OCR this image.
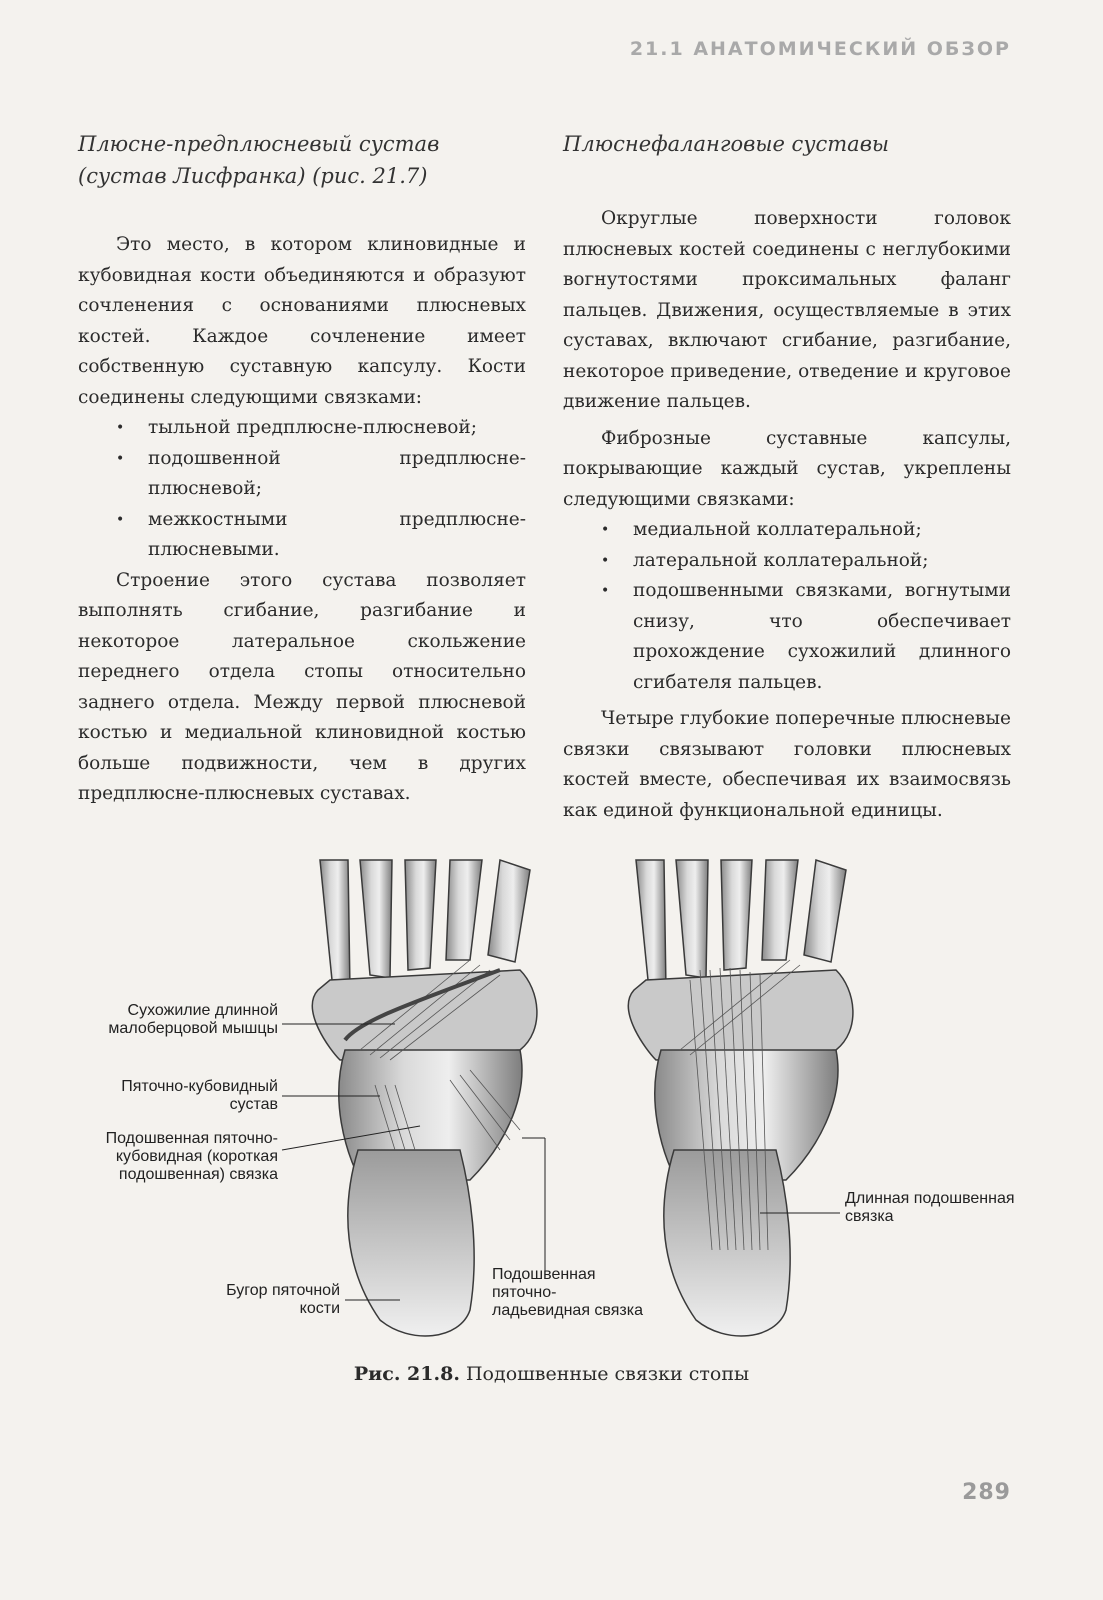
21.1 АНАТОМИЧЕСКИЙ ОБЗОР
Плюсне-предплюсневый сустав (сустав Лисфранка) (рис. 21.7)

Это место, в котором клиновидные и кубовидная кости объединяются и образуют сочленения с основаниями плюсневых костей. Каждое сочленение имеет собственную суставную капсулу. Кости соединены следующими связками:

• тыльной предплюсне-плюсневой;
• подошвенной предплюсне-плюсневой;
• межкостными предплюсне-плюсневыми.

Строение этого сустава позволяет выполнять сгибание, разгибание и некоторое латеральное скольжение переднего отдела стопы относительно заднего отдела. Между первой плюсневой костью и медиальной клиновидной костью больше подвижности, чем в других предплюсне-плюсневых суставах.

Плюснефаланговые суставы

Округлые поверхности головок плюсневых костей соединены с неглубокими вогнутостями проксимальных фаланг пальцев. Движения, осуществляемые в этих суставах, включают сгибание, разгибание, некоторое приведение, отведение и круговое движение пальцев.

Фиброзные суставные капсулы, покрывающие каждый сустав, укреплены следующими связками:

• медиальной коллатеральной;
• латеральной коллатеральной;
• подошвенными связками, вогнутыми снизу, что обеспечивает прохождение сухожилий длинного сгибателя пальцев.

Четыре глубокие поперечные плюсневые связки связывают головки плюсневых костей вместе, обеспечивая их взаимосвязь как единой функциональной единицы.

Сухожилие длинной малоберцовой мышцы
Пяточно-кубовидный сустав
Подошвенная пяточно-кубовидная (короткая подошвенная) связка
Бугор пяточной кости
Подошвенная пяточно-ладьевидная связка
Длинная подошвенная связка
Рис. 21.8. Подошвенные связки стопы
289
